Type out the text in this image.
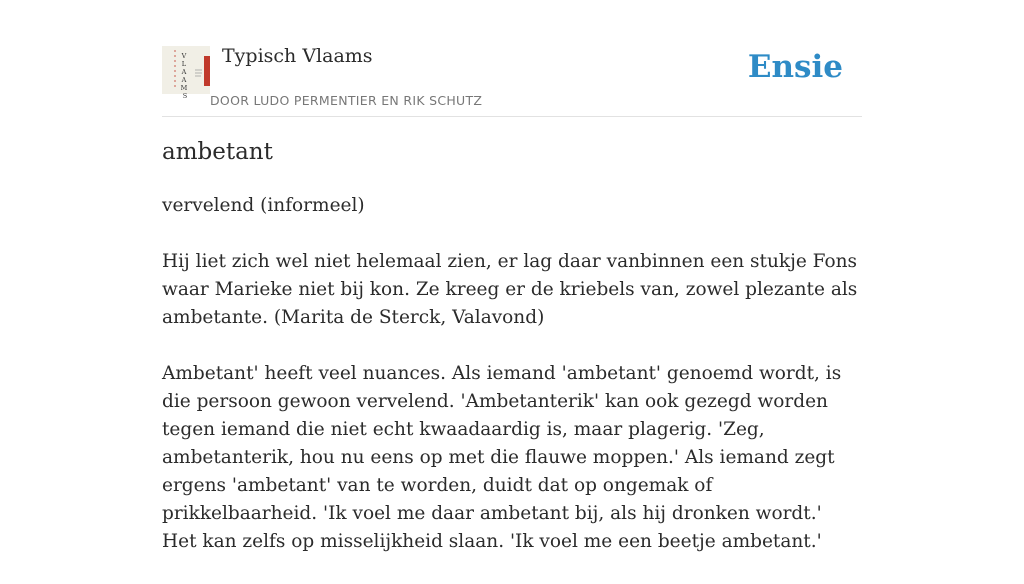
V L A A M S
Typisch Vlaams
DOOR LUDO PERMENTIER EN RIK SCHUTZ
Ensie
ambetant

vervelend (informeel)

Hij liet zich wel niet helemaal zien, er lag daar vanbinnen een stukje Fons waar Marieke niet bij kon. Ze kreeg er de kriebels van, zowel plezante als ambetante. (Marita de Sterck, Valavond)

Ambetant' heeft veel nuances. Als iemand 'ambetant' genoemd wordt, is die persoon gewoon vervelend. 'Ambetanterik' kan ook gezegd worden tegen iemand die niet echt kwaadaardig is, maar plagerig. 'Zeg, ambetanterik, hou nu eens op met die flauwe moppen.' Als iemand zegt ergens 'ambetant' van te worden, duidt dat op ongemak of prikkelbaarheid. 'Ik voel me daar ambetant bij, als hij dronken wordt.' Het kan zelfs op misselijkheid slaan. 'Ik voel me een beetje ambetant.'
